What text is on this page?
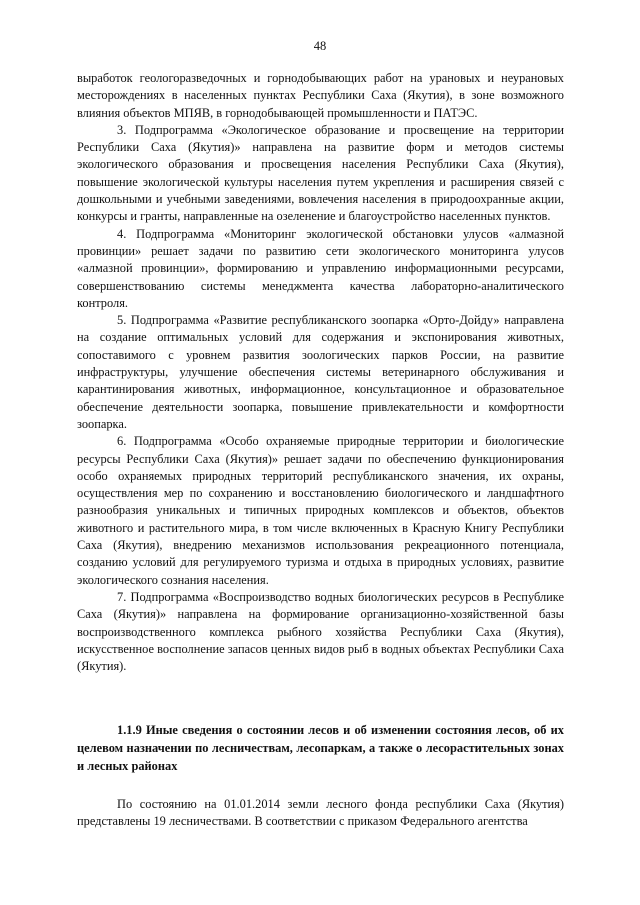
48

выработок геологоразведочных и горнодобывающих работ на урановых и неурановых месторождениях в населенных пунктах Республики Саха (Якутия), в зоне возможного влияния объектов МПЯВ, в горнодобывающей промышленности и ПАТЭС.

3. Подпрограмма «Экологическое образование и просвещение на территории Республики Саха (Якутия)» направлена на развитие форм и методов системы экологического образования и просвещения населения Республики Саха (Якутия), повышение экологической культуры населения путем укрепления и расширения связей с дошкольными и учебными заведениями, вовлечения населения в природоохранные акции, конкурсы и гранты, направленные на озеленение и благоустройство населенных пунктов.

4. Подпрограмма «Мониторинг экологической обстановки улусов «алмазной провинции» решает задачи по развитию сети экологического мониторинга улусов «алмазной провинции», формированию и управлению информационными ресурсами, совершенствованию системы менеджмента качества лабораторно-аналитического контроля.

5. Подпрограмма «Развитие республиканского зоопарка «Орто-Дойду» направлена на создание оптимальных условий для содержания и экспонирования животных, сопоставимого с уровнем развития зоологических парков России, на развитие инфраструктуры, улучшение обеспечения системы ветеринарного обслуживания и карантинирования животных, информационное, консультационное и образовательное обеспечение деятельности зоопарка, повышение привлекательности и комфортности зоопарка.

6. Подпрограмма «Особо охраняемые природные территории и биологические ресурсы Республики Саха (Якутия)» решает задачи по обеспечению функционирования особо охраняемых природных территорий республиканского значения, их охраны, осуществления мер по сохранению и восстановлению биологического и ландшафтного разнообразия уникальных и типичных природных комплексов и объектов, объектов животного и растительного мира, в том числе включенных в Красную Книгу Республики Саха (Якутия), внедрению механизмов использования рекреационного потенциала, созданию условий для регулируемого туризма и отдыха в природных условиях, развитие экологического сознания населения.

7. Подпрограмма «Воспроизводство водных биологических ресурсов в Республике Саха (Якутия)» направлена на формирование организационно-хозяйственной базы воспроизводственного комплекса рыбного хозяйства Республики Саха (Якутия), искусственное восполнение запасов ценных видов рыб в водных объектах Республики Саха (Якутия).

1.1.9 Иные сведения о состоянии лесов и об изменении состояния лесов, об их целевом назначении по лесничествам, лесопаркам, а также о лесорастительных зонах и лесных районах

По состоянию на 01.01.2014 земли лесного фонда республики Саха (Якутия) представлены 19 лесничествами. В соответствии с приказом Федерального агентства
